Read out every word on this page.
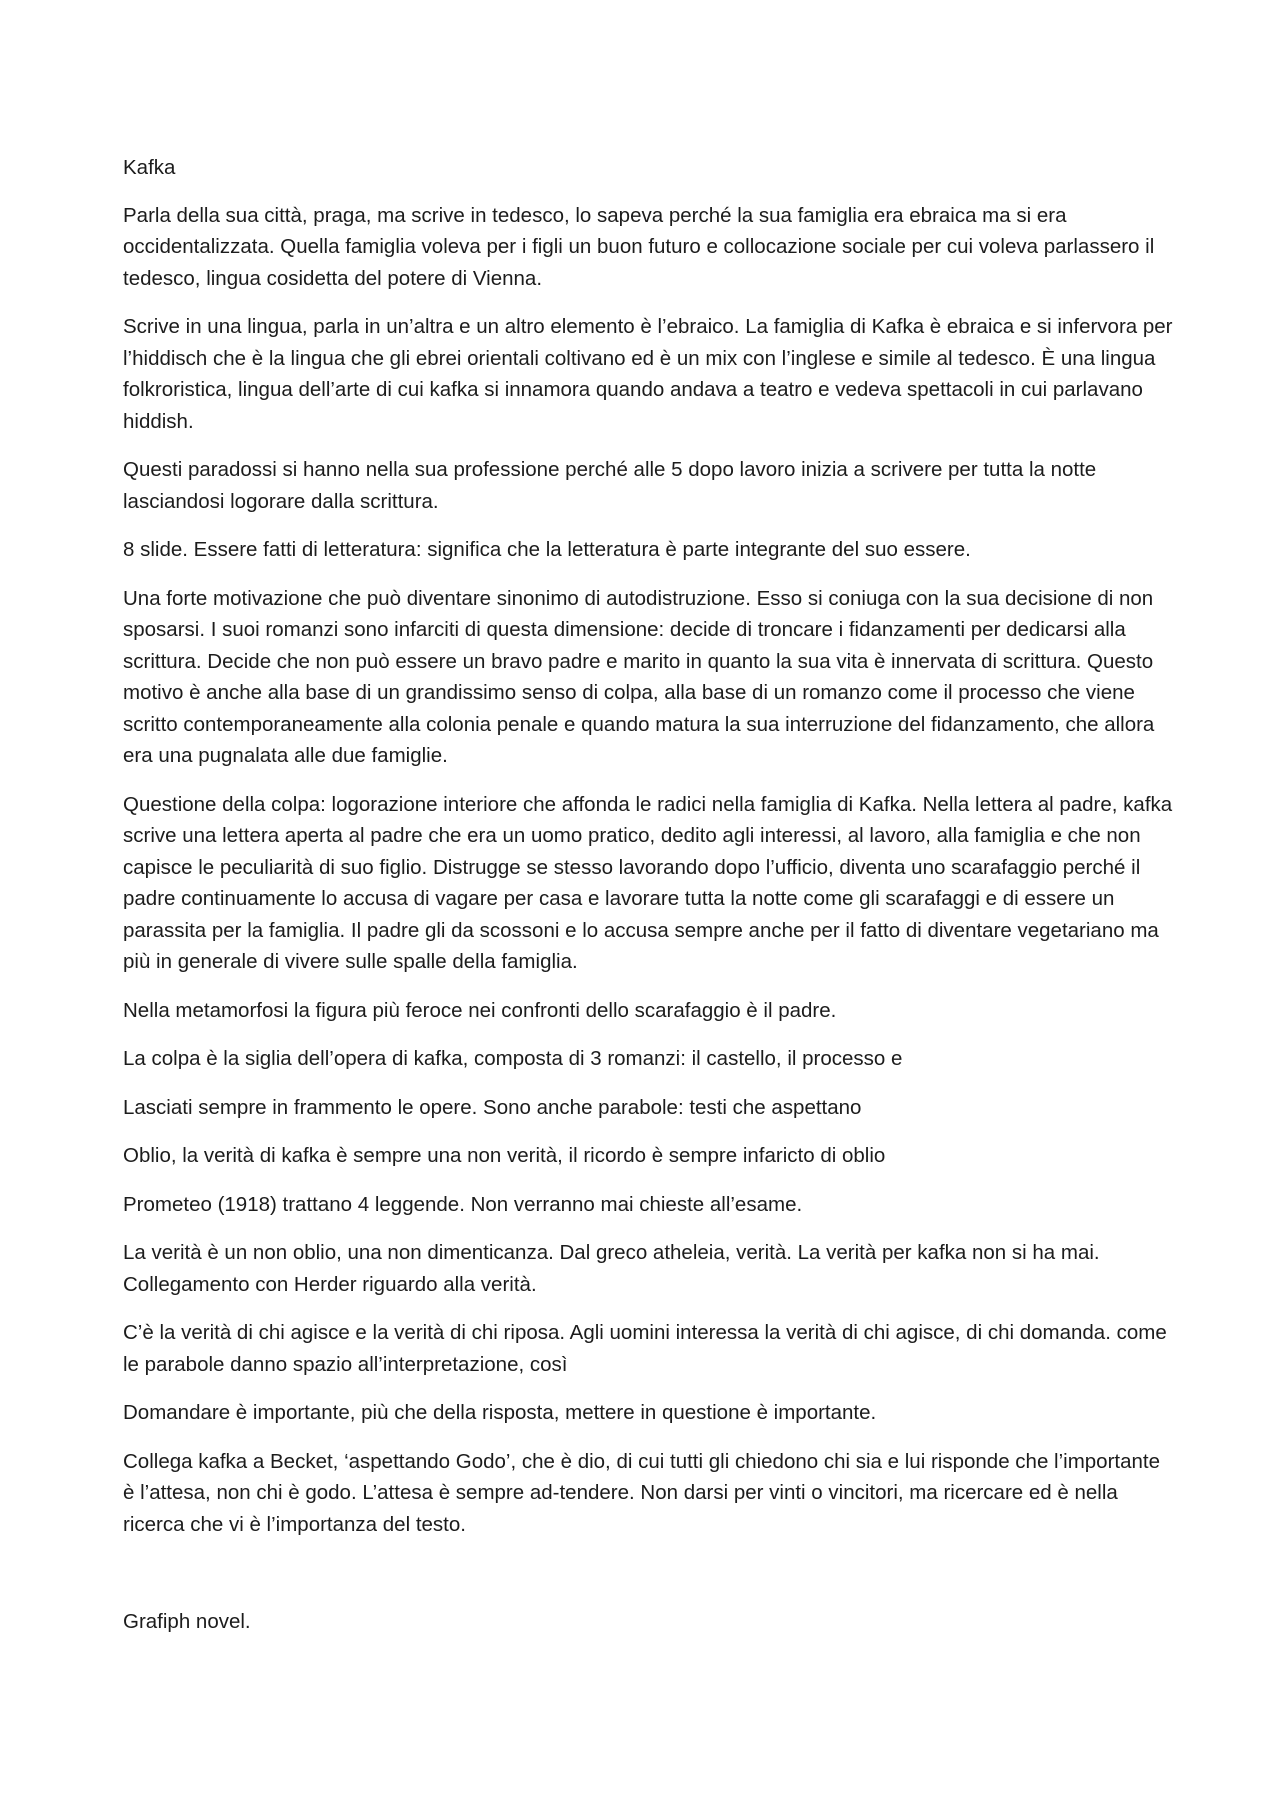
Kafka

Parla della sua città, praga, ma scrive in tedesco, lo sapeva perché la sua famiglia era ebraica ma si era occidentalizzata. Quella famiglia voleva per i figli un buon futuro e collocazione sociale per cui voleva parlassero il tedesco, lingua cosidetta del potere di Vienna.

Scrive in una lingua, parla in un’altra e un altro elemento è l’ebraico. La famiglia di Kafka è ebraica e si infervora per l’hiddisch che è la lingua che gli ebrei orientali coltivano ed è un mix con l’inglese e simile al tedesco. È una lingua folkroristica, lingua dell’arte di cui kafka si innamora quando andava a teatro e vedeva spettacoli in cui parlavano hiddish.

Questi paradossi si hanno nella sua professione perché alle 5 dopo lavoro inizia a scrivere per tutta la notte lasciandosi logorare dalla scrittura.

8 slide. Essere fatti di letteratura: significa che la letteratura è parte integrante del suo essere.

Una forte motivazione che può diventare sinonimo di autodistruzione. Esso si coniuga con la sua decisione di non sposarsi. I suoi romanzi sono infarciti di questa dimensione: decide di troncare i fidanzamenti per dedicarsi alla scrittura. Decide che non può essere un bravo padre e marito in quanto la sua vita è innervata di scrittura. Questo motivo è anche alla base di un grandissimo senso di colpa, alla base di un romanzo come il processo che viene scritto contemporaneamente alla colonia penale e quando matura la sua interruzione del fidanzamento, che allora era una pugnalata alle due famiglie.

Questione della colpa: logorazione interiore che affonda le radici nella famiglia di Kafka. Nella lettera al padre, kafka scrive una lettera aperta al padre che era un uomo pratico, dedito agli interessi, al lavoro, alla famiglia e che non capisce le peculiarità di suo figlio. Distrugge se stesso lavorando dopo l’ufficio, diventa uno scarafaggio perché il padre continuamente lo accusa di vagare per casa e lavorare tutta la notte come gli scarafaggi e di essere un parassita per la famiglia. Il padre gli da scossoni e lo accusa sempre anche per il fatto di diventare vegetariano ma più in generale di vivere sulle spalle della famiglia.

Nella metamorfosi la figura più feroce nei confronti dello scarafaggio è il padre.

La colpa è la siglia dell’opera di kafka, composta di 3 romanzi: il castello, il processo e

Lasciati sempre in frammento le opere. Sono anche parabole: testi che aspettano

Oblio, la verità di kafka è sempre una non verità, il ricordo è sempre infaricto di oblio

Prometeo (1918) trattano 4 leggende. Non verranno mai chieste all’esame.

La verità è un non oblio, una non dimenticanza. Dal greco atheleia, verità. La verità per kafka non si ha mai. Collegamento con Herder riguardo alla verità.

C’è la verità di chi agisce e la verità di chi riposa. Agli uomini interessa la verità di chi agisce, di chi domanda. come le parabole danno spazio all’interpretazione, così

Domandare è importante, più che della risposta, mettere in questione è importante.

Collega kafka a Becket, ‘aspettando Godo’, che è dio, di cui tutti gli chiedono chi sia e lui risponde che l’importante è l’attesa, non chi è godo. L’attesa è sempre ad-tendere. Non darsi per vinti o vincitori, ma ricercare ed è nella ricerca che vi è l’importanza del testo.

Grafiph novel.
